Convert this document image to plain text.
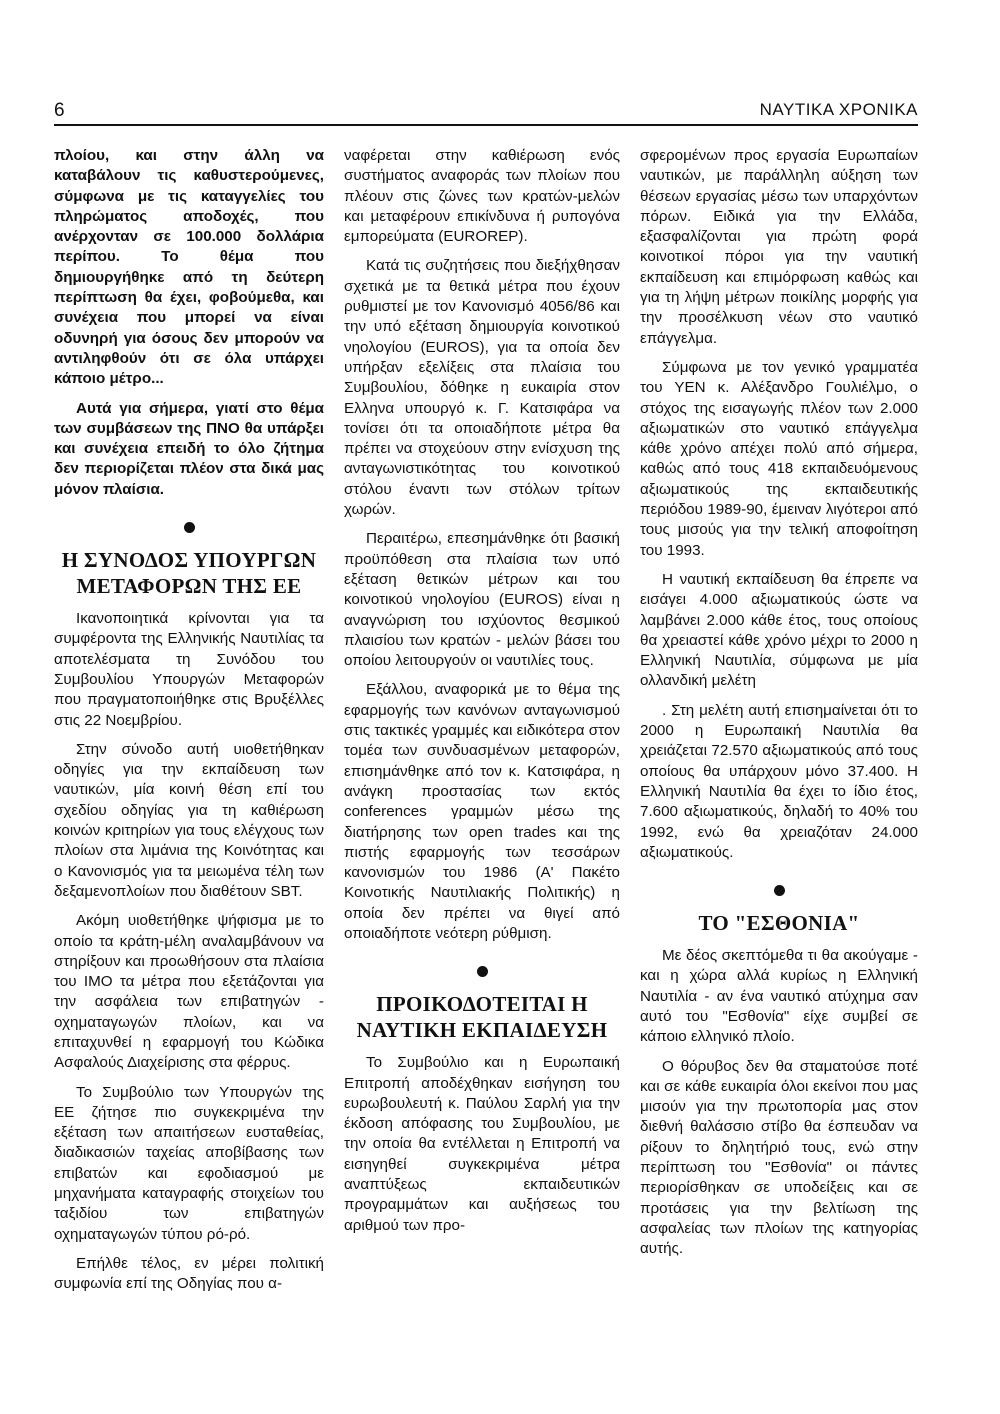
6	ΝΑΥΤΙΚΑ ΧΡΟΝΙΚΑ

πλοίου, και στην άλλη να καταβάλουν τις καθυστερούμενες, σύμφωνα με τις καταγγελίες του πληρώματος αποδοχές, που ανέρχονταν σε 100.000 δολλάρια περίπου. Το θέμα που δημιουργήθηκε από τη δεύτερη περίπτωση θα έχει, φοβούμεθα, και συνέχεια που μπορεί να είναι οδυνηρή για όσους δεν μπορούν να αντιληφθούν ότι σε όλα υπάρχει κάποιο μέτρο...

Αυτά για σήμερα, γιατί στο θέμα των συμβάσεων της ΠΝΟ θα υπάρξει και συνέχεια επειδή το όλο ζήτημα δεν περιορίζεται πλέον στα δικά μας μόνον πλαίσια.

Η ΣΥΝΟΔΟΣ ΥΠΟΥΡΓΩΝ ΜΕΤΑΦΟΡΩΝ ΤΗΣ ΕΕ

Ικανοποιητικά κρίνονται για τα συμφέροντα της Ελληνικής Ναυτιλίας τα αποτελέσματα τη Συνόδου του Συμβουλίου Υπουργών Μεταφορών που πραγματοποιήθηκε στις Βρυξέλλες στις 22 Νοεμβρίου.

Στην σύνοδο αυτή υιοθετήθηκαν οδηγίες για την εκπαίδευση των ναυτικών, μία κοινή θέση επί του σχεδίου οδηγίας για τη καθιέρωση κοινών κριτηρίων για τους ελέγχους των πλοίων στα λιμάνια της Κοινότητας και ο Κανονισμός για τα μειωμένα τέλη των δεξαμενοπλοίων που διαθέτουν SBT.

Ακόμη υιοθετήθηκε ψήφισμα με το οποίο τα κράτη-μέλη αναλαμβάνουν να στηρίξουν και προωθήσουν στα πλαίσια του ΙΜΟ τα μέτρα που εξετάζονται για την ασφάλεια των επιβατηγών - οχηματαγωγών πλοίων, και να επιταχυνθεί η εφαρμογή του Κώδικα Ασφαλούς Διαχείρισης στα φέρρυς.

Το Συμβούλιο των Υπουργών της ΕΕ ζήτησε πιο συγκεκριμένα την εξέταση των απαιτήσεων ευσταθείας, διαδικασιών ταχείας αποβίβασης των επιβατών και εφοδιασμού με μηχανήματα καταγραφής στοιχείων του ταξιδίου των επιβατηγών οχηματαγωγών τύπου ρό-ρό.

Επήλθε τέλος, εν μέρει πολιτική συμφωνία επί της Οδηγίας που α-

ναφέρεται στην καθιέρωση ενός συστήματος αναφοράς των πλοίων που πλέουν στις ζώνες των κρατών-μελών και μεταφέρουν επικίνδυνα ή ρυπογόνα εμπορεύματα (EUROREP).

Κατά τις συζητήσεις που διεξήχθησαν σχετικά με τα θετικά μέτρα που έχουν ρυθμιστεί με τον Κανονισμό 4056/86 και την υπό εξέταση δημιουργία κοινοτικού νηολογίου (EUROS), για τα οποία δεν υπήρξαν εξελίξεις στα πλαίσια του Συμβουλίου, δόθηκε η ευκαιρία στον Ελληνα υπουργό κ. Γ. Κατσιφάρα να τονίσει ότι τα οποιαδήποτε μέτρα θα πρέπει να στοχεύουν στην ενίσχυση της ανταγωνιστικότητας του κοινοτικού στόλου έναντι των στόλων τρίτων χωρών.

Περαιτέρω, επεσημάνθηκε ότι βασική προϋπόθεση στα πλαίσια των υπό εξέταση θετικών μέτρων και του κοινοτικού νηολογίου (EUROS) είναι η αναγνώριση του ισχύοντος θεσμικού πλαισίου των κρατών - μελών βάσει του οποίου λειτουργούν οι ναυτιλίες τους.

Εξάλλου, αναφορικά με το θέμα της εφαρμογής των κανόνων ανταγωνισμού στις τακτικές γραμμές και ειδικότερα στον τομέα των συνδυασμένων μεταφορών, επισημάνθηκε από τον κ. Κατσιφάρα, η ανάγκη προστασίας των εκτός conferences γραμμών μέσω της διατήρησης των open trades και της πιστής εφαρμογής των τεσσάρων κανονισμών του 1986 (Α' Πακέτο Κοινοτικής Ναυτιλιακής Πολιτικής) η οποία δεν πρέπει να θιγεί από οποιαδήποτε νεότερη ρύθμιση.

ΠΡΟΙΚΟΔΟΤΕΙΤΑΙ Η ΝΑΥΤΙΚΗ ΕΚΠΑΙΔΕΥΣΗ

Το Συμβούλιο και η Ευρωπαική Επιτροπή αποδέχθηκαν εισήγηση του ευρωβουλευτή κ. Παύλου Σαρλή για την έκδοση απόφασης του Συμβουλίου, με την οποία θα εντέλλεται η Επιτροπή να εισηγηθεί συγκεκριμένα μέτρα αναπτύξεως εκπαιδευτικών προγραμμάτων και αυξήσεως του αριθμού των προ-

σφερομένων προς εργασία Ευρωπαίων ναυτικών, με παράλληλη αύξηση των θέσεων εργασίας μέσω των υπαρχόντων πόρων. Ειδικά για την Ελλάδα, εξασφαλίζονται για πρώτη φορά κοινοτικοί πόροι για την ναυτική εκπαίδευση και επιμόρφωση καθώς και για τη λήψη μέτρων ποικίλης μορφής για την προσέλκυση νέων στο ναυτικό επάγγελμα.

Σύμφωνα με τον γενικό γραμματέα του ΥΕΝ κ. Αλέξανδρο Γουλιέλμο, ο στόχος της εισαγωγής πλέον των 2.000 αξιωματικών στο ναυτικό επάγγελμα κάθε χρόνο απέχει πολύ από σήμερα, καθώς από τους 418 εκπαιδευόμενους αξιωματικούς της εκπαιδευτικής περιόδου 1989-90, έμειναν λιγότεροι από τους μισούς για την τελική αποφοίτηση του 1993.

Η ναυτική εκπαίδευση θα έπρεπε να εισάγει 4.000 αξιωματικούς ώστε να λαμβάνει 2.000 κάθε έτος, τους οποίους θα χρειαστεί κάθε χρόνο μέχρι το 2000 η Ελληνική Ναυτιλία, σύμφωνα με μία ολλανδική μελέτη

. Στη μελέτη αυτή επισημαίνεται ότι το 2000 η Ευρωπαική Ναυτιλία θα χρειάζεται 72.570 αξιωματικούς από τους οποίους θα υπάρχουν μόνο 37.400. Η Ελληνική Ναυτιλία θα έχει το ίδιο έτος, 7.600 αξιωματικούς, δηλαδή το 40% του 1992, ενώ θα χρειαζόταν 24.000 αξιωματικούς.

ΤΟ "ΕΣΘΟΝΙΑ"

Με δέος σκεπτόμεθα τι θα ακούγαμε - και η χώρα αλλά κυρίως η Ελληνική Ναυτιλία - αν ένα ναυτικό ατύχημα σαν αυτό του "Εσθονία" είχε συμβεί σε κάποιο ελληνικό πλοίο.

Ο θόρυβος δεν θα σταματούσε ποτέ και σε κάθε ευκαιρία όλοι εκείνοι που μας μισούν για την πρωτοπορία μας στον διεθνή θαλάσσιο στίβο θα έσπευδαν να ρίξουν το δηλητήριό τους, ενώ στην περίπτωση του "Εσθονία" οι πάντες περιορίσθηκαν σε υποδείξεις και σε προτάσεις για την βελτίωση της ασφαλείας των πλοίων της κατηγορίας αυτής.
